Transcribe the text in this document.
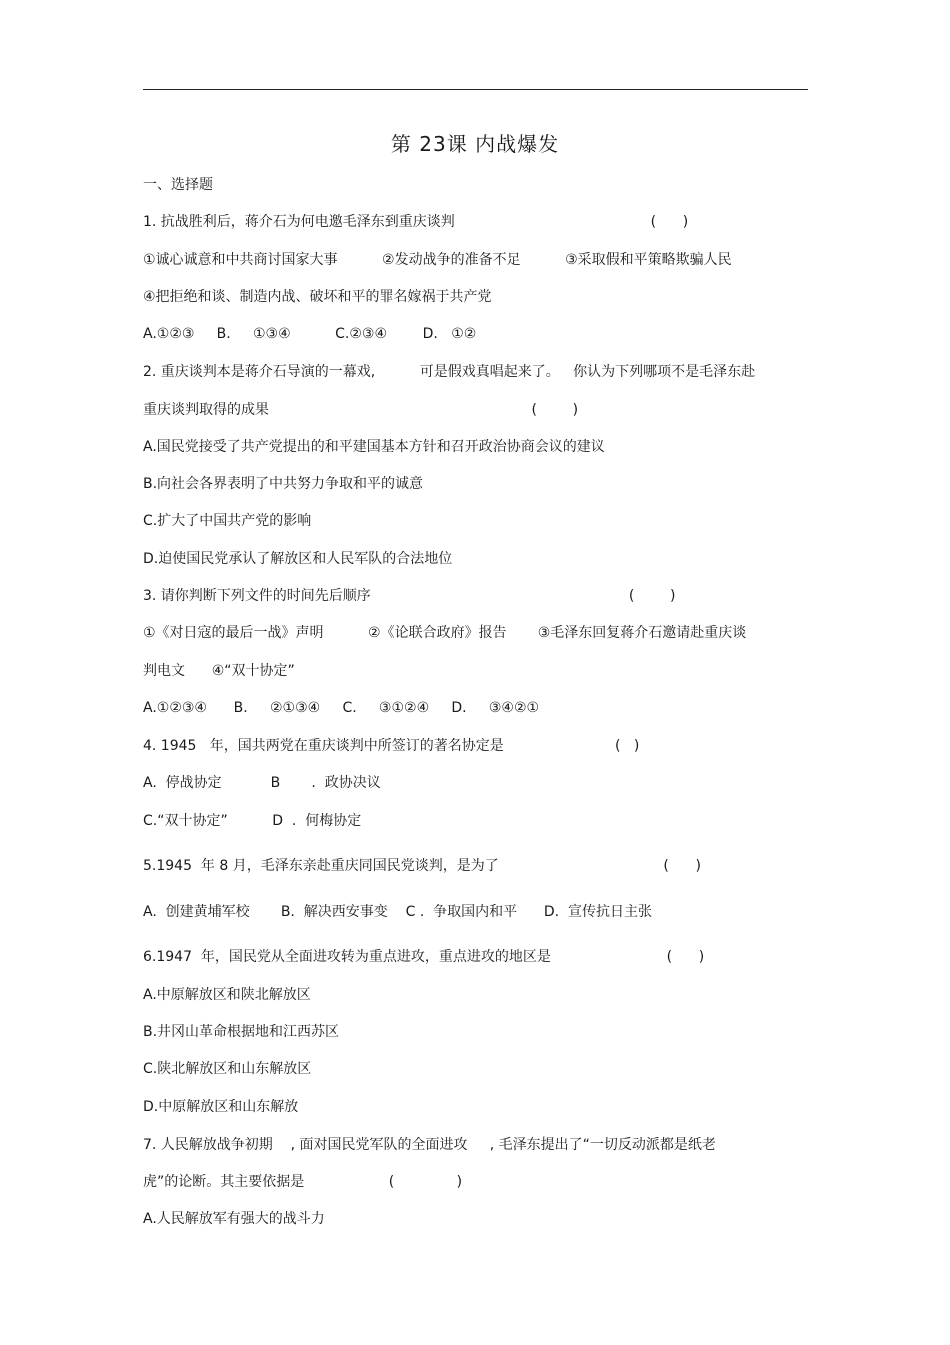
第 23课 内战爆发
一、选择题
1. 抗战胜利后，蒋介石为何电邀毛泽东到重庆谈判                                            (      )
①诚心诚意和中共商讨国家大事          ②发动战争的准备不足          ③采取假和平策略欺骗人民
④把拒绝和谈、制造内战、破坏和平的罪名嫁祸于共产党
A.①②③     B.     ①③④          C.②③④        D.   ①②
2. 重庆谈判本是蒋介石导演的一幕戏,          可是假戏真唱起来了。   你认为下列哪项不是毛泽东赴
重庆谈判取得的成果                                                           (        )
A.国民党接受了共产党提出的和平建国基本方针和召开政治协商会议的建议
B.向社会各界表明了中共努力争取和平的诚意
C.扩大了中国共产党的影响
D.迫使国民党承认了解放区和人民军队的合法地位
3. 请你判断下列文件的时间先后顺序                                                          (        )
①《对日寇的最后一战》声明          ②《论联合政府》报告       ③毛泽东回复蒋介石邀请赴重庆谈
判电文      ④“双十协定”
A.①②③④      B.     ②①③④     C.     ③①②④     D.     ③④②①
4. 1945   年，国共两党在重庆谈判中所签订的著名协定是                         (   )
A.  停战协定           B       .  政协决议
C.“双十协定”          D  .  何梅协定
5.1945  年 8 月，毛泽东亲赴重庆同国民党谈判，是为了                                     (      )
A.  创建黄埔军校       B.  解决西安事变    C .  争取国内和平      D.  宣传抗日主张
6.1947  年，国民党从全面进攻转为重点进攻，重点进攻的地区是                          (      )
A.中原解放区和陕北解放区
B.井冈山革命根据地和江西苏区
C.陕北解放区和山东解放区
D.中原解放区和山东解放
7. 人民解放战争初期    , 面对国民党军队的全面进攻     , 毛泽东提出了“一切反动派都是纸老
虎”的论断。其主要依据是                   (              )
A.人民解放军有强大的战斗力
